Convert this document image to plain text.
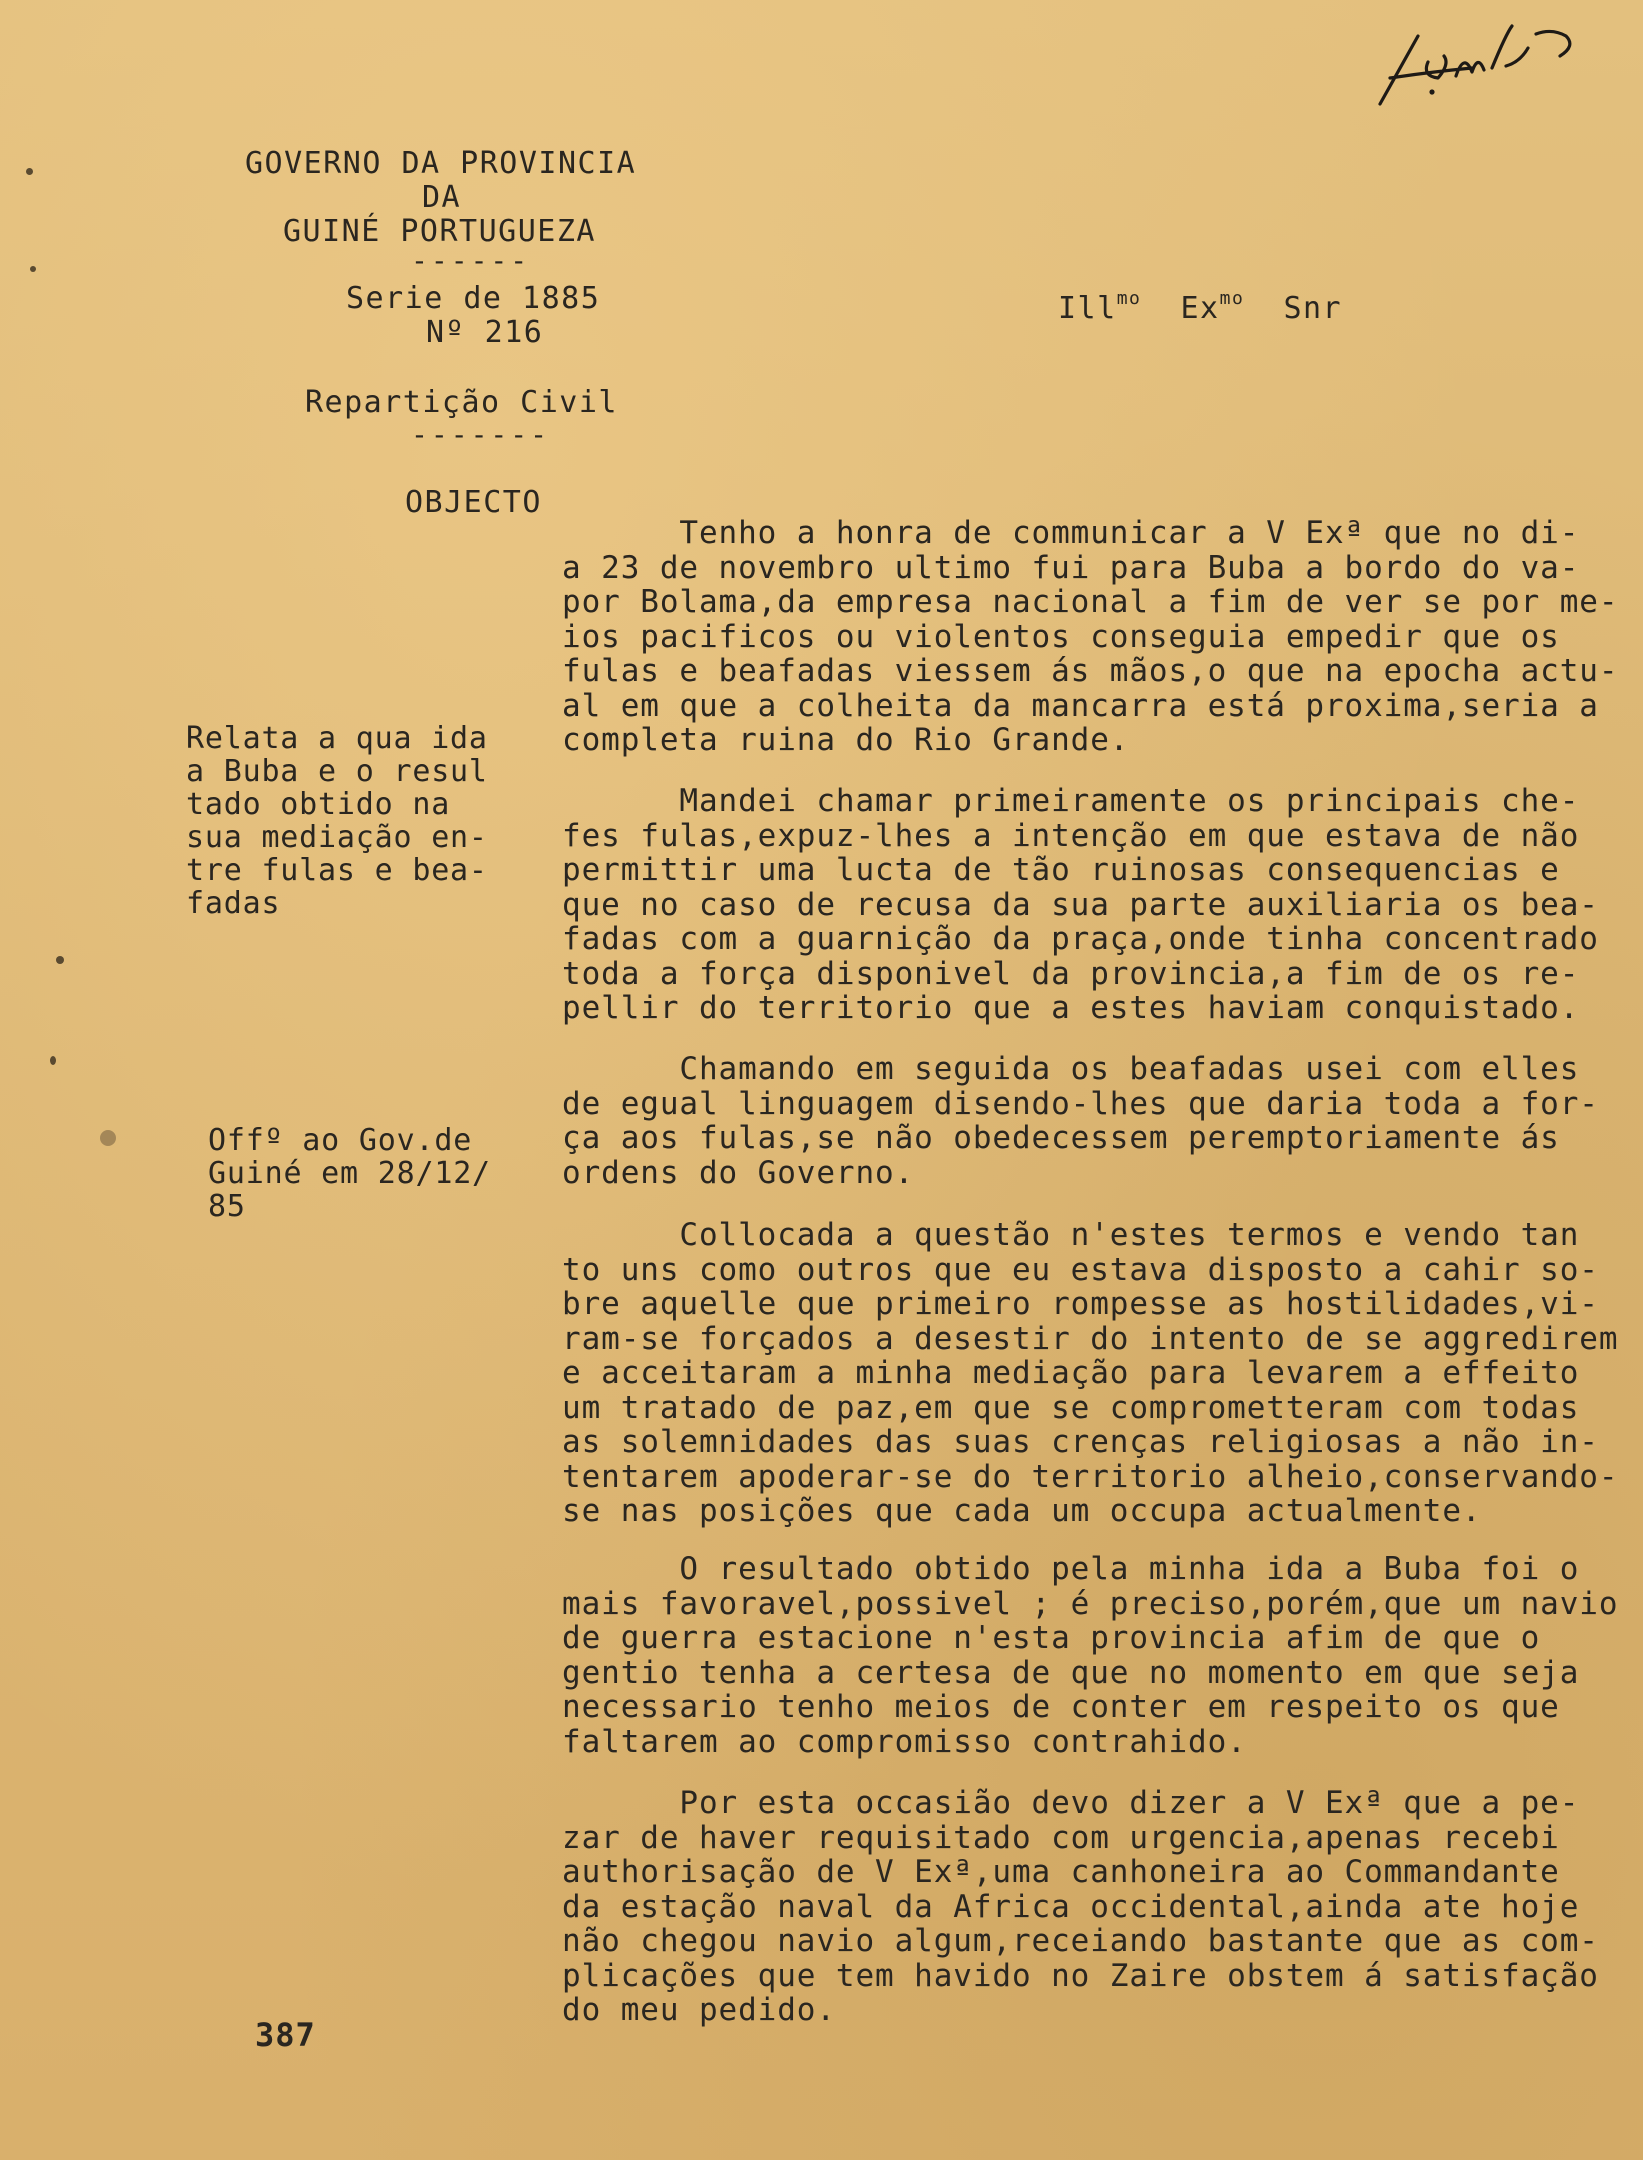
GOVERNO DA PROVINCIA
DA
GUINÉ PORTUGUEZA
------
Serie de 1885
Nº 216
Repartição Civil
-------
OBJECTO
Ill$^{mo}$ $Ex^{mo}$ Snr
Relata a qua ida
a Buba e o resul
tado obtido na
sua mediação en-
tre fulas e bea-
fadas
Offº ao Gov.de
Guiné em 28/12/
85
Tenho a honra de communicar a V Exª que no di-
a 23 de novembro ultimo fui para Buba a bordo do va-
por Bolama,da empresa nacional a fim de ver se por me-
ios pacificos ou violentos conseguia empedir que os
fulas e beafadas viessem ás mãos,o que na epocha actu-
al em que a colheita da mancarra está proxima,seria a
completa ruina do Rio Grande.
Mandei chamar primeiramente os principais che-
fes fulas,expuz-lhes a intenção em que estava de não
permittir uma lucta de tão ruinosas consequencias e
que no caso de recusa da sua parte auxiliaria os bea-
fadas com a guarnição da praça,onde tinha concentrado
toda a força disponivel da provincia,a fim de os re-
pellir do territorio que a estes haviam conquistado.
Chamando em seguida os beafadas usei com elles
de egual linguagem disendo-lhes que daria toda a for-
ça aos fulas,se não obedecessem peremptoriamente ás
ordens do Governo.
Collocada a questão n'estes termos e vendo tan
to uns como outros que eu estava disposto a cahir so-
bre aquelle que primeiro rompesse as hostilidades,vi-
ram-se forçados a desestir do intento de se aggredirem
e acceitaram a minha mediação para levarem a effeito
um tratado de paz,em que se comprometteram com todas
as solemnidades das suas crenças religiosas a não in-
tentarem apoderar-se do territorio alheio,conservando-
se nas posições que cada um occupa actualmente.
O resultado obtido pela minha ida a Buba foi o
mais favoravel,possivel ; é preciso,porém,que um navio
de guerra estacione n'esta provincia afim de que o
gentio tenha a certesa de que no momento em que seja
necessario tenho meios de conter em respeito os que
faltarem ao compromisso contrahido.
Por esta occasião devo dizer a V Exª que a pe-
zar de haver requisitado com urgencia,apenas recebi
authorisação de V Exª,uma canhoneira ao Commandante
da estação naval da Africa occidental,ainda ate hoje
não chegou navio algum,receiando bastante que as com-
plicações que tem havido no Zaire obstem á satisfação
do meu pedido.
387
